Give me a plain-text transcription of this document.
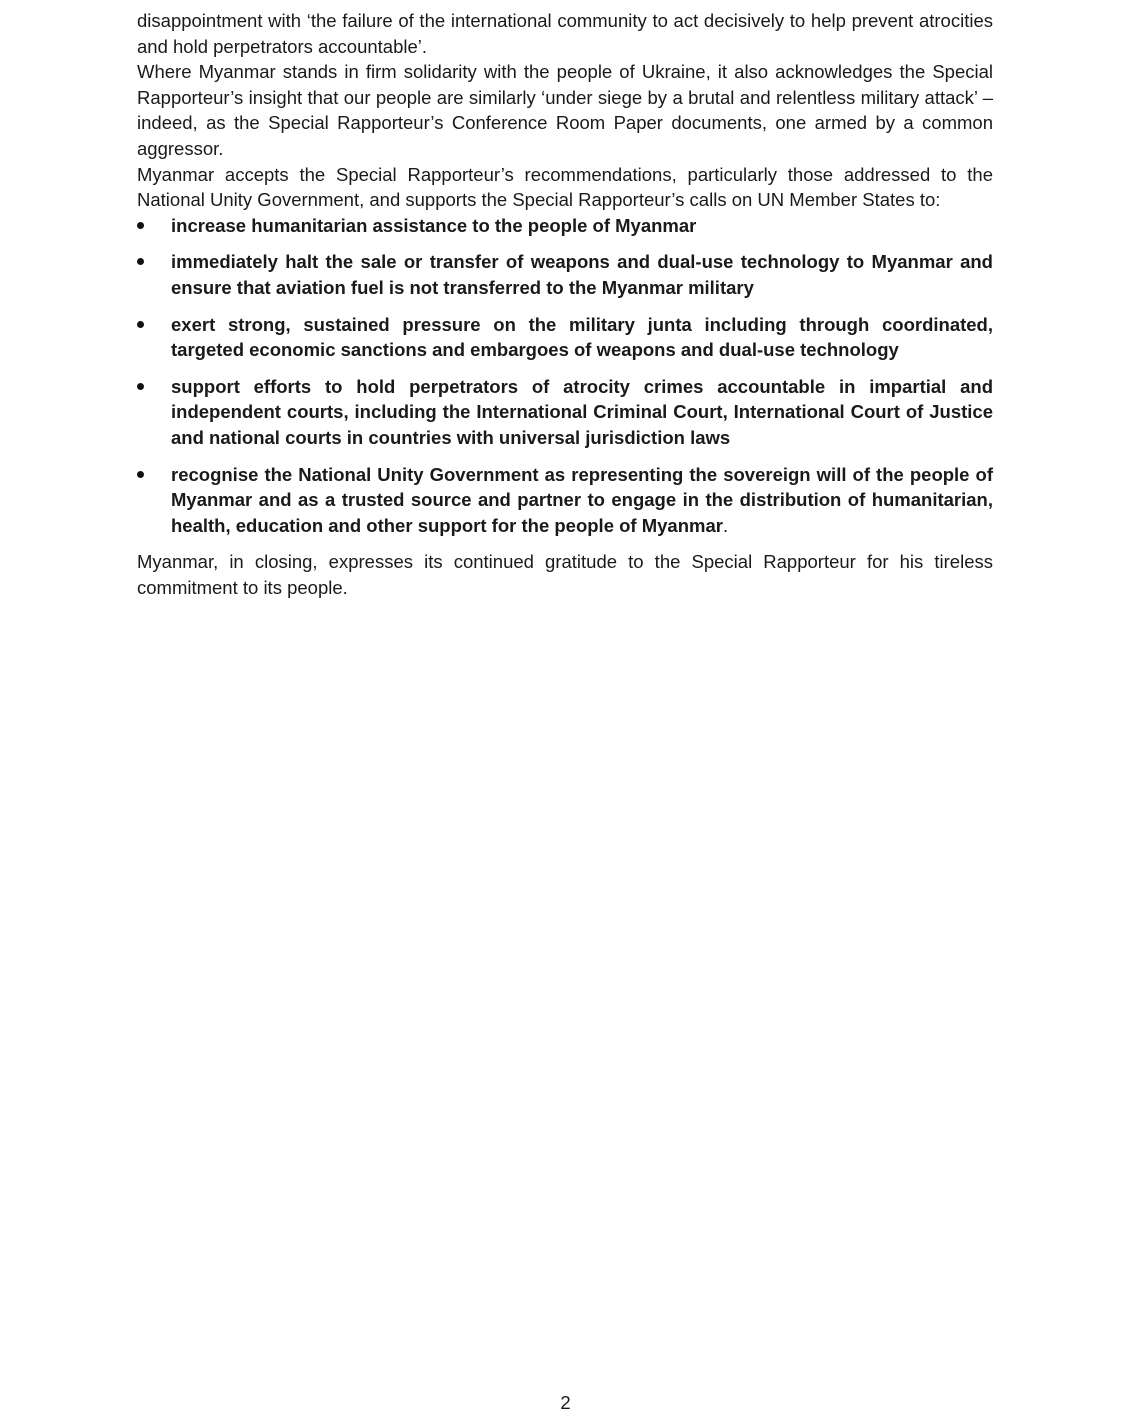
disappointment with ‘the failure of the international community to act decisively to help prevent atrocities and hold perpetrators accountable’.

Where Myanmar stands in firm solidarity with the people of Ukraine, it also acknowledges the Special Rapporteur’s insight that our people are similarly ‘under siege by a brutal and relentless military attack’ – indeed, as the Special Rapporteur’s Conference Room Paper documents, one armed by a common aggressor.

Myanmar accepts the Special Rapporteur’s recommendations, particularly those addressed to the National Unity Government, and supports the Special Rapporteur’s calls on UN Member States to:

increase humanitarian assistance to the people of Myanmar
immediately halt the sale or transfer of weapons and dual-use technology to Myanmar and ensure that aviation fuel is not transferred to the Myanmar military
exert strong, sustained pressure on the military junta including through coordinated, targeted economic sanctions and embargoes of weapons and dual-use technology
support efforts to hold perpetrators of atrocity crimes accountable in impartial and independent courts, including the International Criminal Court, International Court of Justice and national courts in countries with universal jurisdiction laws
recognise the National Unity Government as representing the sovereign will of the people of Myanmar and as a trusted source and partner to engage in the distribution of humanitarian, health, education and other support for the people of Myanmar.

Myanmar, in closing, expresses its continued gratitude to the Special Rapporteur for his tireless commitment to its people.

2
